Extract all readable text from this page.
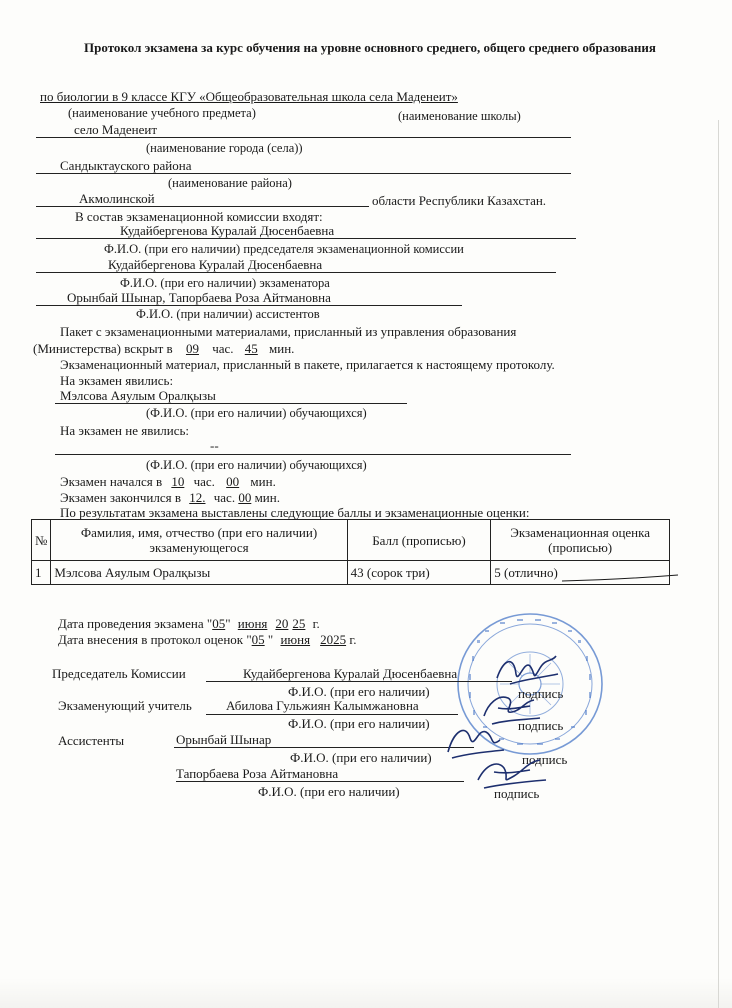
Протокол экзамена за курс обучения на уровне основного среднего, общего среднего образования
по биологии в 9 классе КГУ «Общеобразовательная школа села Маденеит»
(наименование учебного предмета)	(наименование школы)
село Маденеит
(наименование города (села))
Сандыктауского района
(наименование района)
Акмолинской	области Республики Казахстан.
В состав экзаменационной комиссии входят:
Кудайбергенова Куралай Дюсенбаевна
Ф.И.О. (при его наличии) председателя экзаменационной комиссии
Кудайбергенова Куралай Дюсенбаевна
Ф.И.О. (при его наличии) экзаменатора
Орынбай Шынар, Тапорбаева Роза Айтмановна
Ф.И.О. (при наличии) ассистентов
Пакет с экзаменационными материалами, присланный из управления образования
(Министерства) вскрыт в 09 час. 45 мин.
Экзаменационный материал, присланный в пакете, прилагается к настоящему протоколу.
На экзамен явились:
Мэлсова Аяулым Оралқызы
(Ф.И.О. (при его наличии) обучающихся)
На экзамен не явились:
--
(Ф.И.О. (при его наличии) обучающихся)
Экзамен начался в 10 час. 00 мин.
Экзамен закончился в 12. час. 00 мин.
По результатам экзамена выставлены следующие баллы и экзаменационные оценки:
№	Фамилия, имя, отчество (при его наличии) экзаменующегося	Балл (прописью)	Экзаменационная оценка (прописью)
1	Мэлсова Аяулым Оралқызы	43 (сорок три)	5 (отлично)
Дата проведения экзамена "05" июня 20 25 г.
Дата внесения в протокол оценок "05 " июня 2025 г.
Председатель Комиссии	Кудайбергенова Куралай Дюсенбаевна
Ф.И.О. (при его наличии)	подпись
Экзаменующий учитель	Абилова Гульжиян Калымжановна
Ф.И.О. (при его наличии)	подпись
Ассистенты	Орынбай Шынар
Ф.И.О. (при его наличии)	подпись
Тапорбаева Роза Айтмановна
Ф.И.О. (при его наличии)	подпись
